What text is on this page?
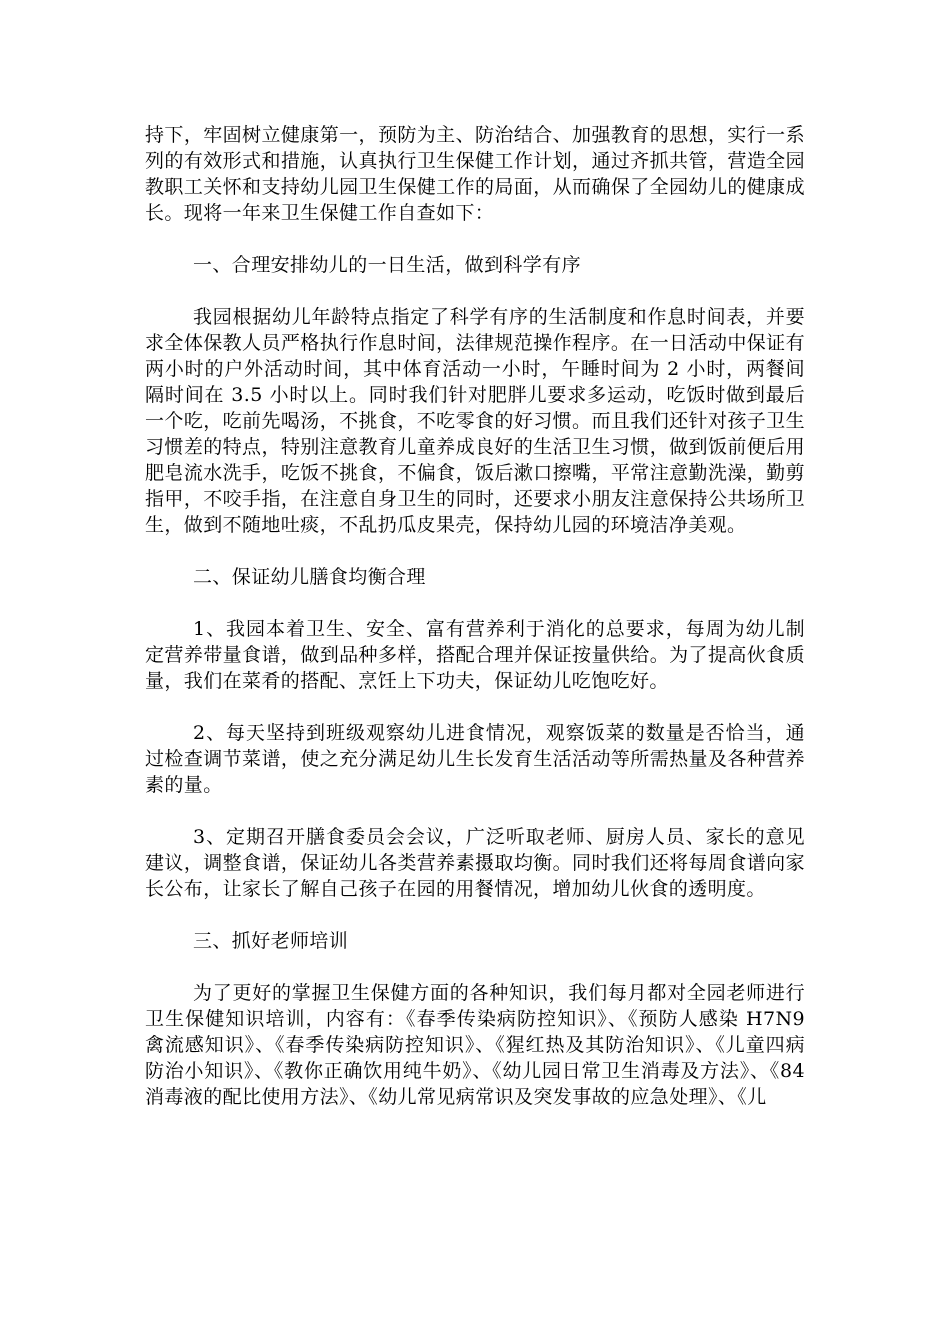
持下，牢固树立健康第一，预防为主、防治结合、加强教育的思想，实行一系列的有效形式和措施，认真执行卫生保健工作计划，通过齐抓共管，营造全园教职工关怀和支持幼儿园卫生保健工作的局面，从而确保了全园幼儿的健康成长。现将一年来卫生保健工作自查如下：

一、合理安排幼儿的一日生活，做到科学有序

我园根据幼儿年龄特点指定了科学有序的生活制度和作息时间表，并要求全体保教人员严格执行作息时间，法律规范操作程序。在一日活动中保证有两小时的户外活动时间，其中体育活动一小时，午睡时间为 2 小时，两餐间隔时间在 3.5 小时以上。同时我们针对肥胖儿要求多运动，吃饭时做到最后一个吃，吃前先喝汤，不挑食，不吃零食的好习惯。而且我们还针对孩子卫生习惯差的特点，特别注意教育儿童养成良好的生活卫生习惯，做到饭前便后用肥皂流水洗手，吃饭不挑食，不偏食，饭后漱口擦嘴，平常注意勤洗澡，勤剪指甲，不咬手指，在注意自身卫生的同时，还要求小朋友注意保持公共场所卫生，做到不随地吐痰，不乱扔瓜皮果壳，保持幼儿园的环境洁净美观。

二、保证幼儿膳食均衡合理

1、我园本着卫生、安全、富有营养利于消化的总要求，每周为幼儿制定营养带量食谱，做到品种多样，搭配合理并保证按量供给。为了提高伙食质量，我们在菜肴的搭配、烹饪上下功夫，保证幼儿吃饱吃好。

2、每天坚持到班级观察幼儿进食情况，观察饭菜的数量是否恰当，通过检查调节菜谱，使之充分满足幼儿生长发育生活活动等所需热量及各种营养素的量。

3、定期召开膳食委员会会议，广泛听取老师、厨房人员、家长的意见建议，调整食谱，保证幼儿各类营养素摄取均衡。同时我们还将每周食谱向家长公布，让家长了解自己孩子在园的用餐情况，增加幼儿伙食的透明度。

三、抓好老师培训

为了更好的掌握卫生保健方面的各种知识，我们每月都对全园老师进行卫生保健知识培训，内容有：《春季传染病防控知识》、《预防人感染 H7N9 禽流感知识》、《春季传染病防控知识》、《猩红热及其防治知识》、《儿童四病防治小知识》、《教你正确饮用纯牛奶》、《幼儿园日常卫生消毒及方法》、《84 消毒液的配比使用方法》、《幼儿常见病常识及突发事故的应急处理》、《儿
